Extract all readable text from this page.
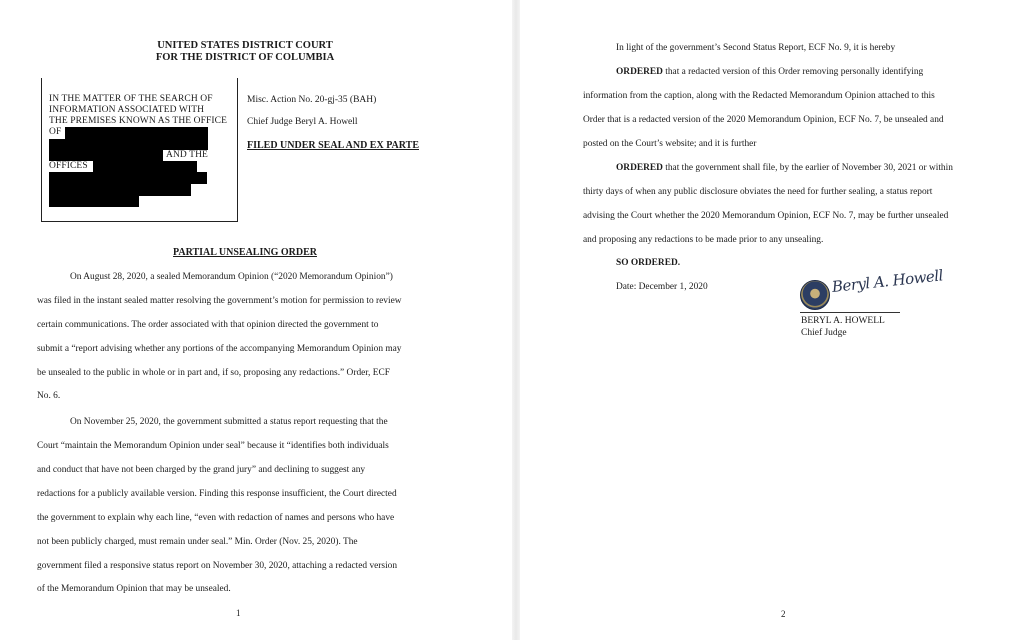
UNITED STATES DISTRICT COURT
FOR THE DISTRICT OF COLUMBIA
IN THE MATTER OF THE SEARCH OF
INFORMATION ASSOCIATED WITH
THE PREMISES KNOWN AS THE OFFICE
OF
AND THE
OFFICES
Misc. Action No. 20-gj-35 (BAH)
Chief Judge Beryl A. Howell
FILED UNDER SEAL AND EX PARTE
PARTIAL UNSEALING ORDER
On August 28, 2020, a sealed Memorandum Opinion (“2020 Memorandum Opinion”)
was filed in the instant sealed matter resolving the government’s motion for permission to review
certain communications. The order associated with that opinion directed the government to
submit a “report advising whether any portions of the accompanying Memorandum Opinion may
be unsealed to the public in whole or in part and, if so, proposing any redactions.” Order, ECF
No. 6.
On November 25, 2020, the government submitted a status report requesting that the
Court “maintain the Memorandum Opinion under seal” because it “identifies both individuals
and conduct that have not been charged by the grand jury” and declining to suggest any
redactions for a publicly available version. Finding this response insufficient, the Court directed
the government to explain why each line, “even with redaction of names and persons who have
not been publicly charged, must remain under seal.” Min. Order (Nov. 25, 2020). The
government filed a responsive status report on November 30, 2020, attaching a redacted version
of the Memorandum Opinion that may be unsealed.
1
In light of the government’s Second Status Report, ECF No. 9, it is hereby
ORDERED that a redacted version of this Order removing personally identifying
information from the caption, along with the Redacted Memorandum Opinion attached to this
Order that is a redacted version of the 2020 Memorandum Opinion, ECF No. 7, be unsealed and
posted on the Court’s website; and it is further
ORDERED that the government shall file, by the earlier of November 30, 2021 or within
thirty days of when any public disclosure obviates the need for further sealing, a status report
advising the Court whether the 2020 Memorandum Opinion, ECF No. 7, may be further unsealed
and proposing any redactions to be made prior to any unsealing.
SO ORDERED.
Date: December 1, 2020	Beryl A. Howell
BERYL A. HOWELL
Chief Judge
2
